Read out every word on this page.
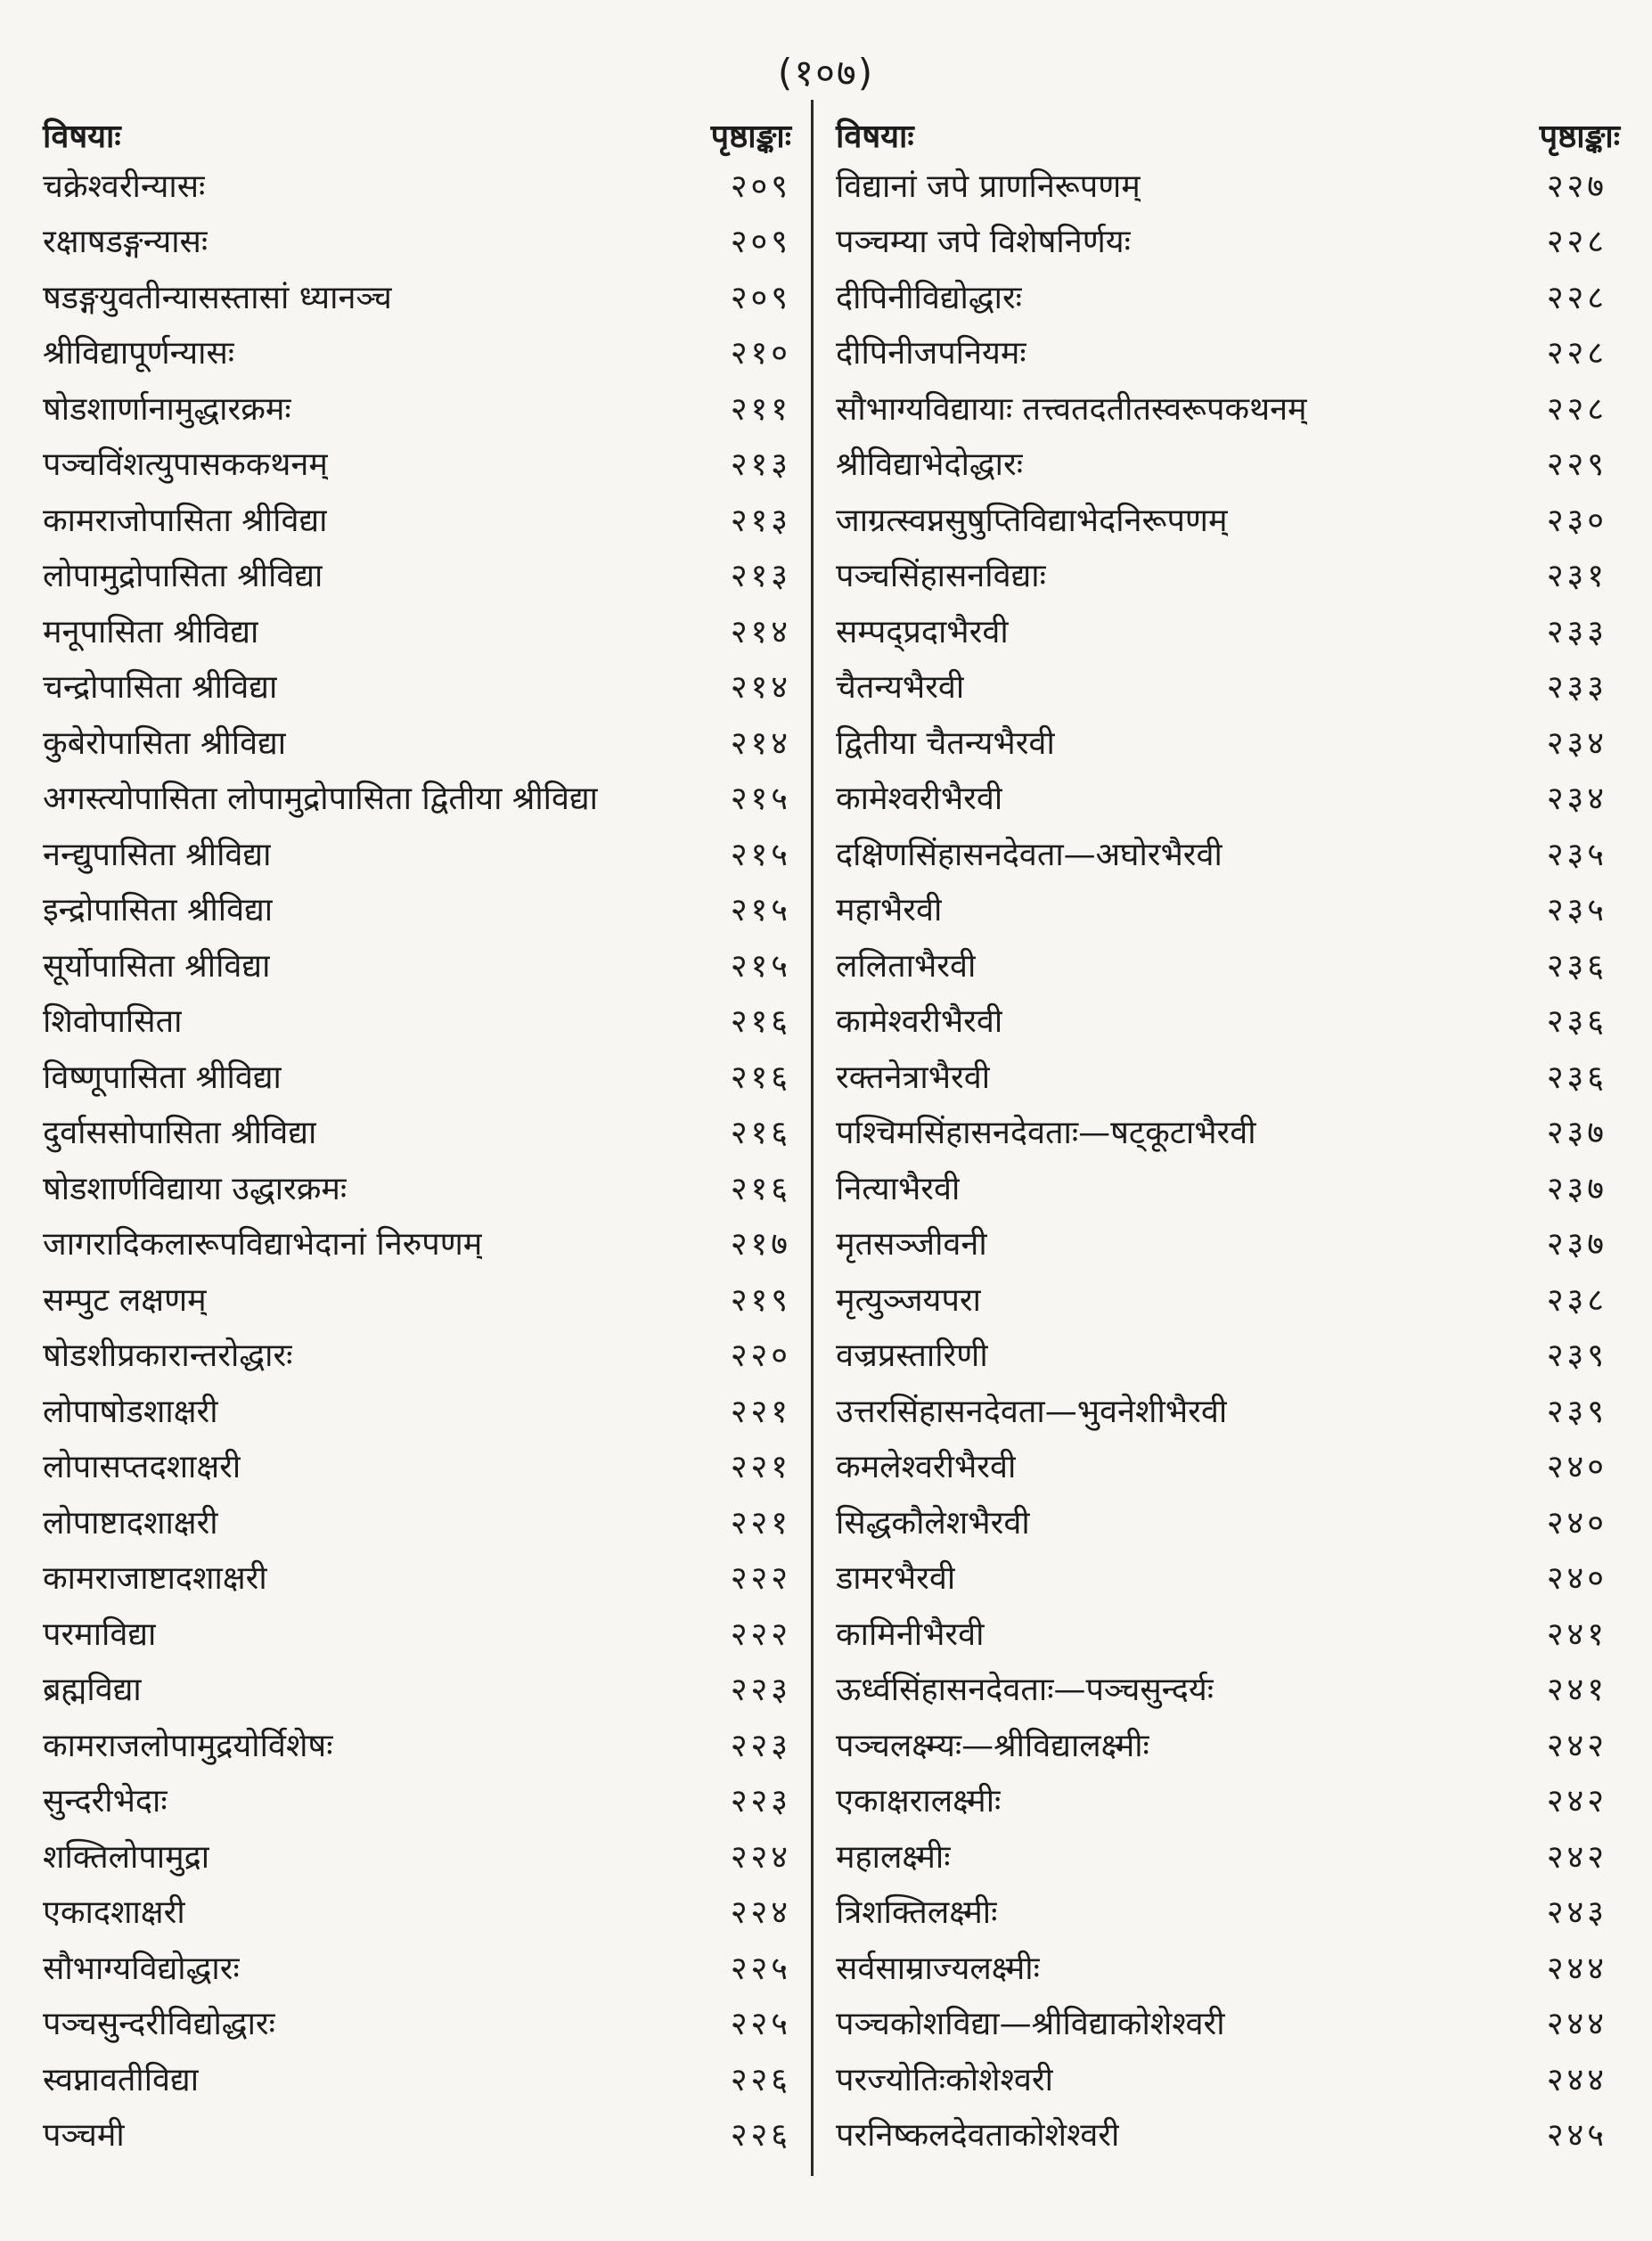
(१०७)
विषयाः	पृष्ठाङ्काः
चक्रेश्वरीन्यासः	२०९
रक्षाषडङ्गन्यासः	२०९
षडङ्गयुवतीन्यासस्तासां ध्यानञ्च	२०९
श्रीविद्यापूर्णन्यासः	२१०
षोडशार्णानामुद्धारक्रमः	२११
पञ्चविंशत्युपासककथनम्	२१३
कामराजोपासिता श्रीविद्या	२१३
लोपामुद्रोपासिता श्रीविद्या	२१३
मनूपासिता श्रीविद्या	२१४
चन्द्रोपासिता श्रीविद्या	२१४
कुबेरोपासिता श्रीविद्या	२१४
अगस्त्योपासिता लोपामुद्रोपासिता द्वितीया श्रीविद्या	२१५
नन्द्युपासिता श्रीविद्या	२१५
इन्द्रोपासिता श्रीविद्या	२१५
सूर्योपासिता श्रीविद्या	२१५
शिवोपासिता	२१६
विष्णूपासिता श्रीविद्या	२१६
दुर्वाससोपासिता श्रीविद्या	२१६
षोडशार्णविद्याया उद्धारक्रमः	२१६
जागरादिकलारूपविद्याभेदानां निरुपणम्	२१७
सम्पुट लक्षणम्	२१९
षोडशीप्रकारान्तरोद्धारः	२२०
लोपाषोडशाक्षरी	२२१
लोपासप्तदशाक्षरी	२२१
लोपाष्टादशाक्षरी	२२१
कामराजाष्टादशाक्षरी	२२२
परमाविद्या	२२२
ब्रह्मविद्या	२२३
कामराजलोपामुद्रयोर्विशेषः	२२३
सुन्दरीभेदाः	२२३
शक्तिलोपामुद्रा	२२४
एकादशाक्षरी	२२४
सौभाग्यविद्योद्धारः	२२५
पञ्चसुन्दरीविद्योद्धारः	२२५
स्वप्नावतीविद्या	२२६
पञ्चमी	२२६
विषयाः	पृष्ठाङ्काः
विद्यानां जपे प्राणनिरूपणम्	२२७
पञ्चम्या जपे विशेषनिर्णयः	२२८
दीपिनीविद्योद्धारः	२२८
दीपिनीजपनियमः	२२८
सौभाग्यविद्यायाः तत्त्वतदतीतस्वरूपकथनम्	२२८
श्रीविद्याभेदोद्धारः	२२९
जाग्रत्स्वप्नसुषुप्तिविद्याभेदनिरूपणम्	२३०
पञ्चसिंहासनविद्याः	२३१
सम्पद्प्रदाभैरवी	२३३
चैतन्यभैरवी	२३३
द्वितीया चैतन्यभैरवी	२३४
कामेश्वरीभैरवी	२३४
दक्षिणसिंहासनदेवता—अघोरभैरवी	२३५
महाभैरवी	२३५
ललिताभैरवी	२३६
कामेश्वरीभैरवी	२३६
रक्तनेत्राभैरवी	२३६
पश्चिमसिंहासनदेवताः—षट्कूटाभैरवी	२३७
नित्याभैरवी	२३७
मृतसञ्जीवनी	२३७
मृत्युञ्जयपरा	२३८
वज्रप्रस्तारिणी	२३९
उत्तरसिंहासनदेवता—भुवनेशीभैरवी	२३९
कमलेश्वरीभैरवी	२४०
सिद्धकौलेशभैरवी	२४०
डामरभैरवी	२४०
कामिनीभैरवी	२४१
ऊर्ध्वसिंहासनदेवताः—पञ्चसुन्दर्यः	२४१
पञ्चलक्ष्म्यः—श्रीविद्यालक्ष्मीः	२४२
एकाक्षरालक्ष्मीः	२४२
महालक्ष्मीः	२४२
त्रिशक्तिलक्ष्मीः	२४३
सर्वसाम्राज्यलक्ष्मीः	२४४
पञ्चकोशविद्या—श्रीविद्याकोशेश्वरी	२४४
परज्योतिःकोशेश्वरी	२४४
परनिष्कलदेवताकोशेश्वरी	२४५
